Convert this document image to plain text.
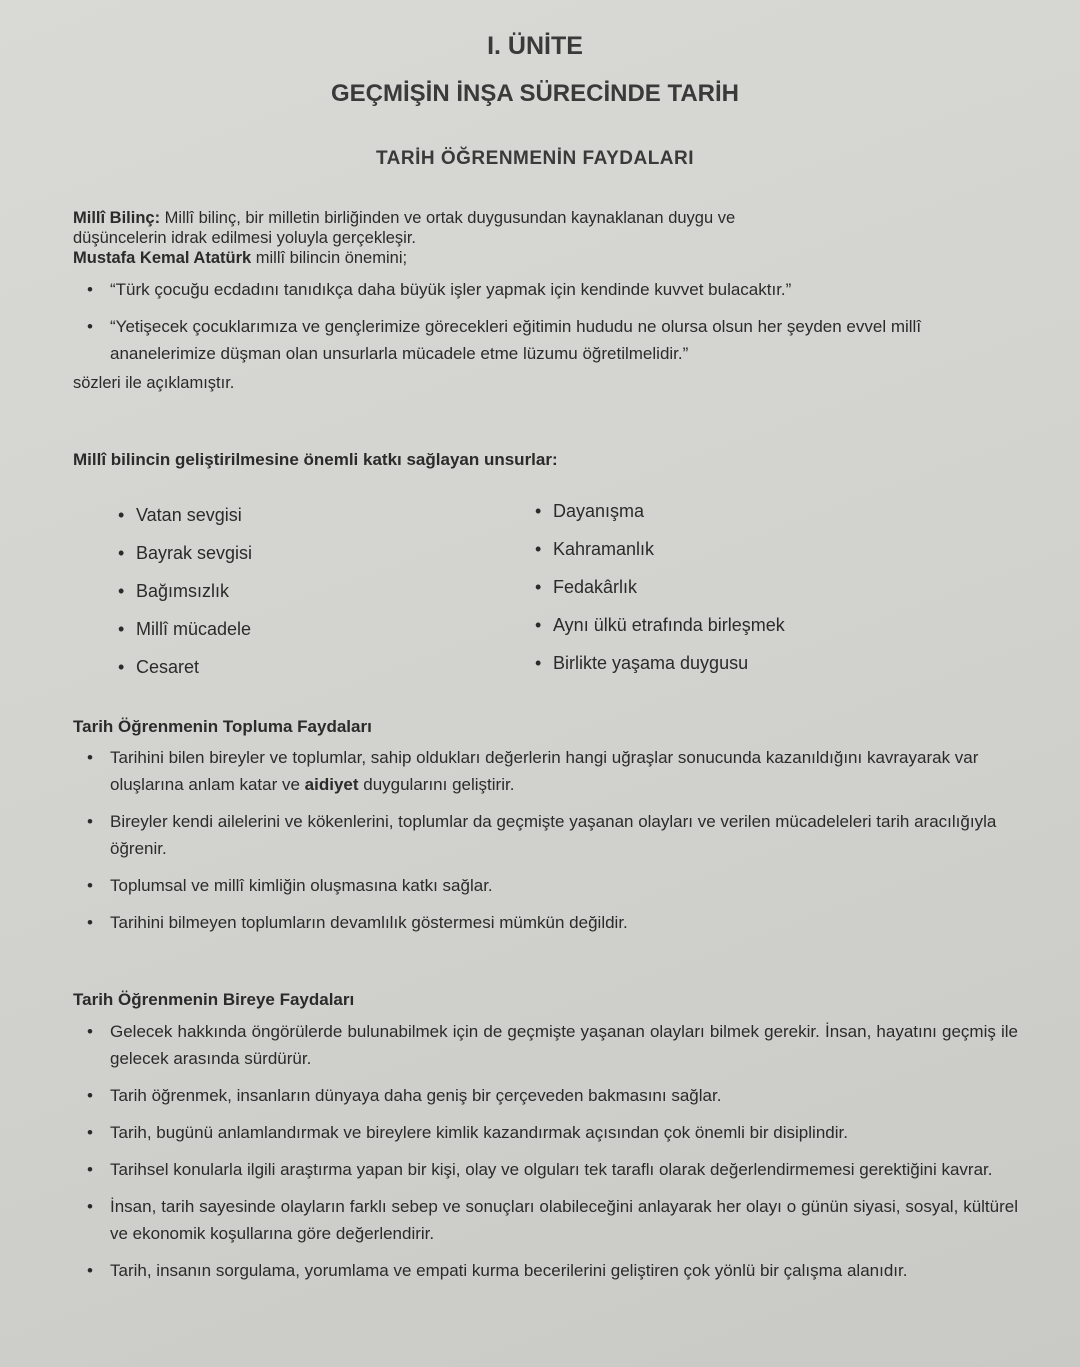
I. ÜNİTE
GEÇMİŞİN İNŞA SÜRECİNDE TARİH
TARİH ÖĞRENMENİN FAYDALARI
Millî Bilinç: Millî bilinç, bir milletin birliğinden ve ortak duygusundan kaynaklanan duygu ve
düşüncelerin idrak edilmesi yoluyla gerçekleşir.
Mustafa Kemal Atatürk millî bilincin önemini;
• “Türk çocuğu ecdadını tanıdıkça daha büyük işler yapmak için kendinde kuvvet bulacaktır.”
• “Yetişecek çocuklarımıza ve gençlerimize görecekleri eğitimin hududu ne olursa olsun her şeyden evvel millî ananelerimize düşman olan unsurlarla mücadele etme lüzumu öğretilmelidir.”
sözleri ile açıklamıştır.
Millî bilincin geliştirilmesine önemli katkı sağlayan unsurlar:
• Vatan sevgisi
• Bayrak sevgisi
• Bağımsızlık
• Millî mücadele
• Cesaret
• Dayanışma
• Kahramanlık
• Fedakârlık
• Aynı ülkü etrafında birleşmek
• Birlikte yaşama duygusu
Tarih Öğrenmenin Topluma Faydaları
• Tarihini bilen bireyler ve toplumlar, sahip oldukları değerlerin hangi uğraşlar sonucunda kazanıldığını kavrayarak var oluşlarına anlam katar ve aidiyet duygularını geliştirir.
• Bireyler kendi ailelerini ve kökenlerini, toplumlar da geçmişte yaşanan olayları ve verilen mücadeleleri tarih aracılığıyla öğrenir.
• Toplumsal ve millî kimliğin oluşmasına katkı sağlar.
• Tarihini bilmeyen toplumların devamlılık göstermesi mümkün değildir.
Tarih Öğrenmenin Bireye Faydaları
• Gelecek hakkında öngörülerde bulunabilmek için de geçmişte yaşanan olayları bilmek gerekir. İnsan, hayatını geçmiş ile gelecek arasında sürdürür.
• Tarih öğrenmek, insanların dünyaya daha geniş bir çerçeveden bakmasını sağlar.
• Tarih, bugünü anlamlandırmak ve bireylere kimlik kazandırmak açısından çok önemli bir disiplindir.
• Tarihsel konularla ilgili araştırma yapan bir kişi, olay ve olguları tek taraflı olarak değerlendirmemesi gerektiğini kavrar.
• İnsan, tarih sayesinde olayların farklı sebep ve sonuçları olabileceğini anlayarak her olayı o günün siyasi, sosyal, kültürel ve ekonomik koşullarına göre değerlendirir.
• Tarih, insanın sorgulama, yorumlama ve empati kurma becerilerini geliştiren çok yönlü bir çalışma alanıdır.
